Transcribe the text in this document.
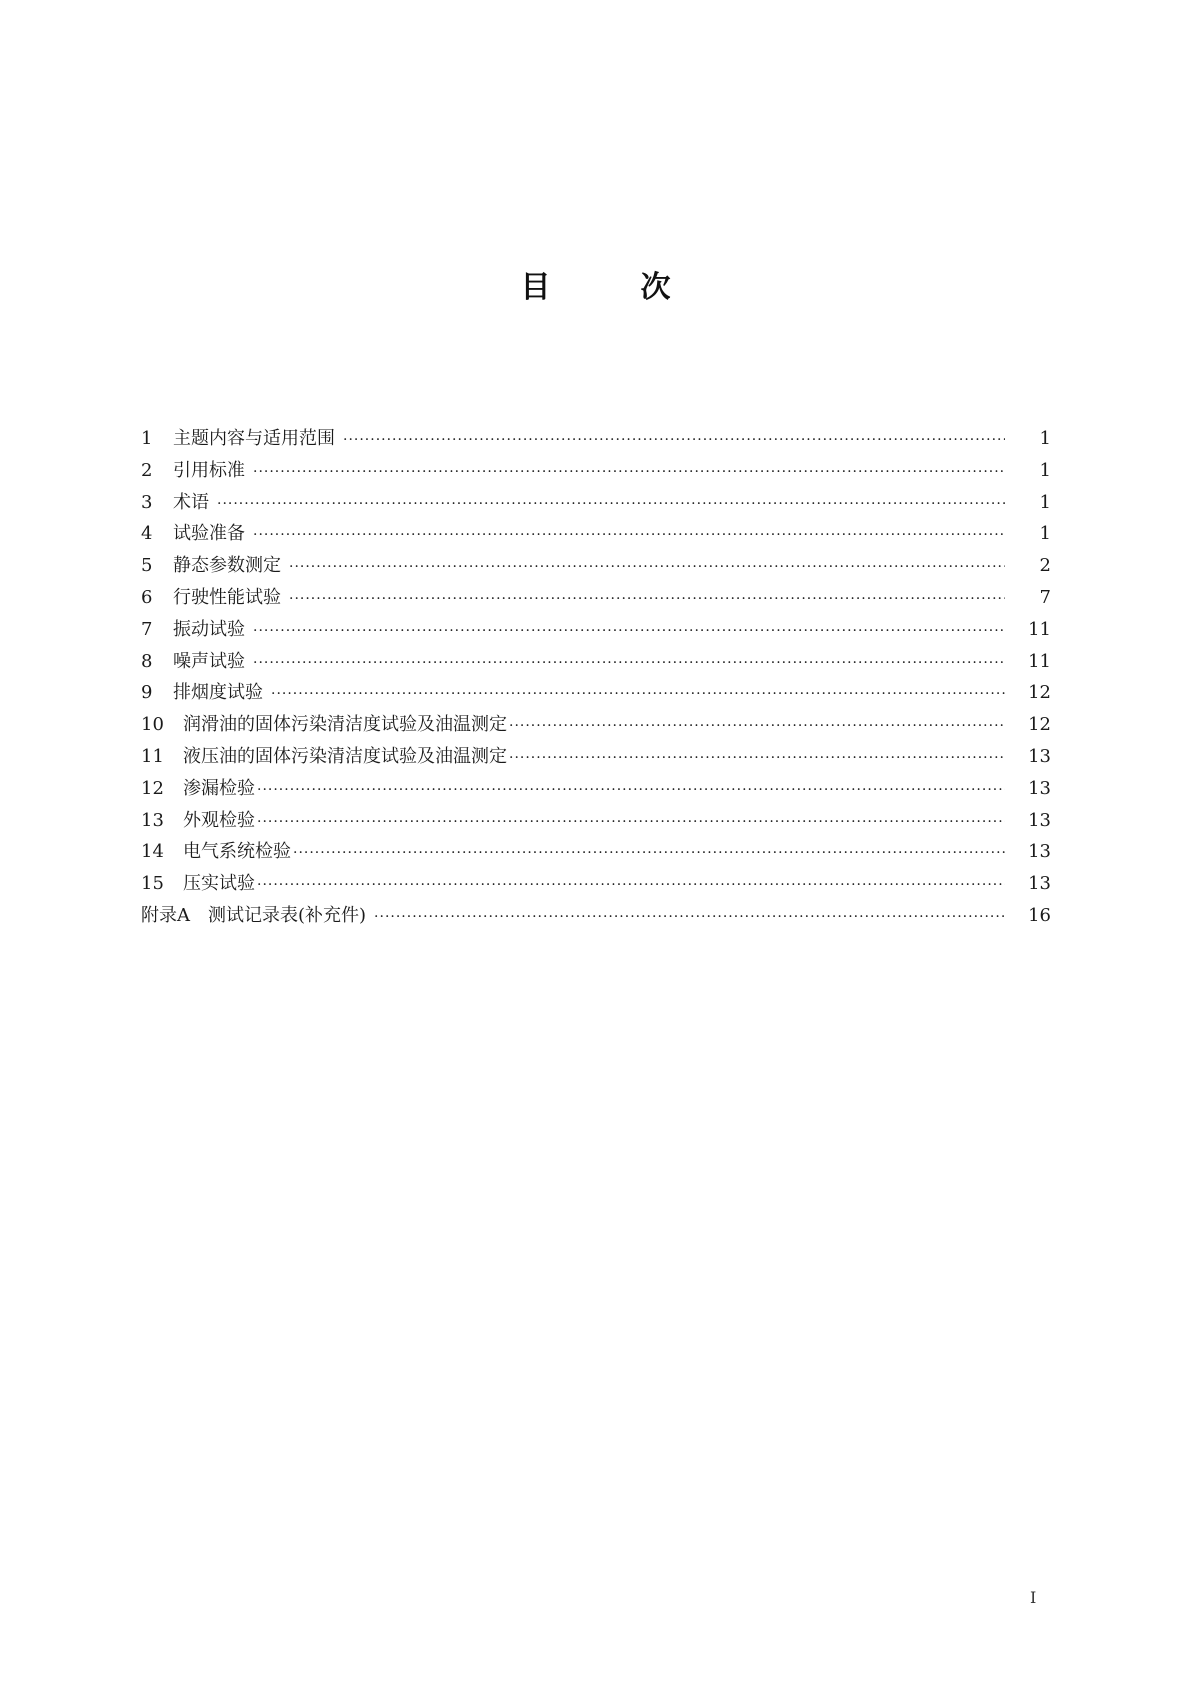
目	次
1	主题内容与适用范围 ·····	1
2	引用标准 ·····	1
3	术语 ·····	1
4	试验准备 ·····	1
5	静态参数测定 ·····	2
6	行驶性能试验 ·····	7
7	振动试验 ·····	11
8	噪声试验 ·····	11
9	排烟度试验 ·····	12
10	润滑油的固体污染清洁度试验及油温测定 ·····	12
11	液压油的固体污染清洁度试验及油温测定 ·····	13
12	渗漏检验 ·····	13
13	外观检验 ·····	13
14	电气系统检验 ·····	13
15	压实试验 ·····	13
附录A 测试记录表(补充件) ·····	16
I
